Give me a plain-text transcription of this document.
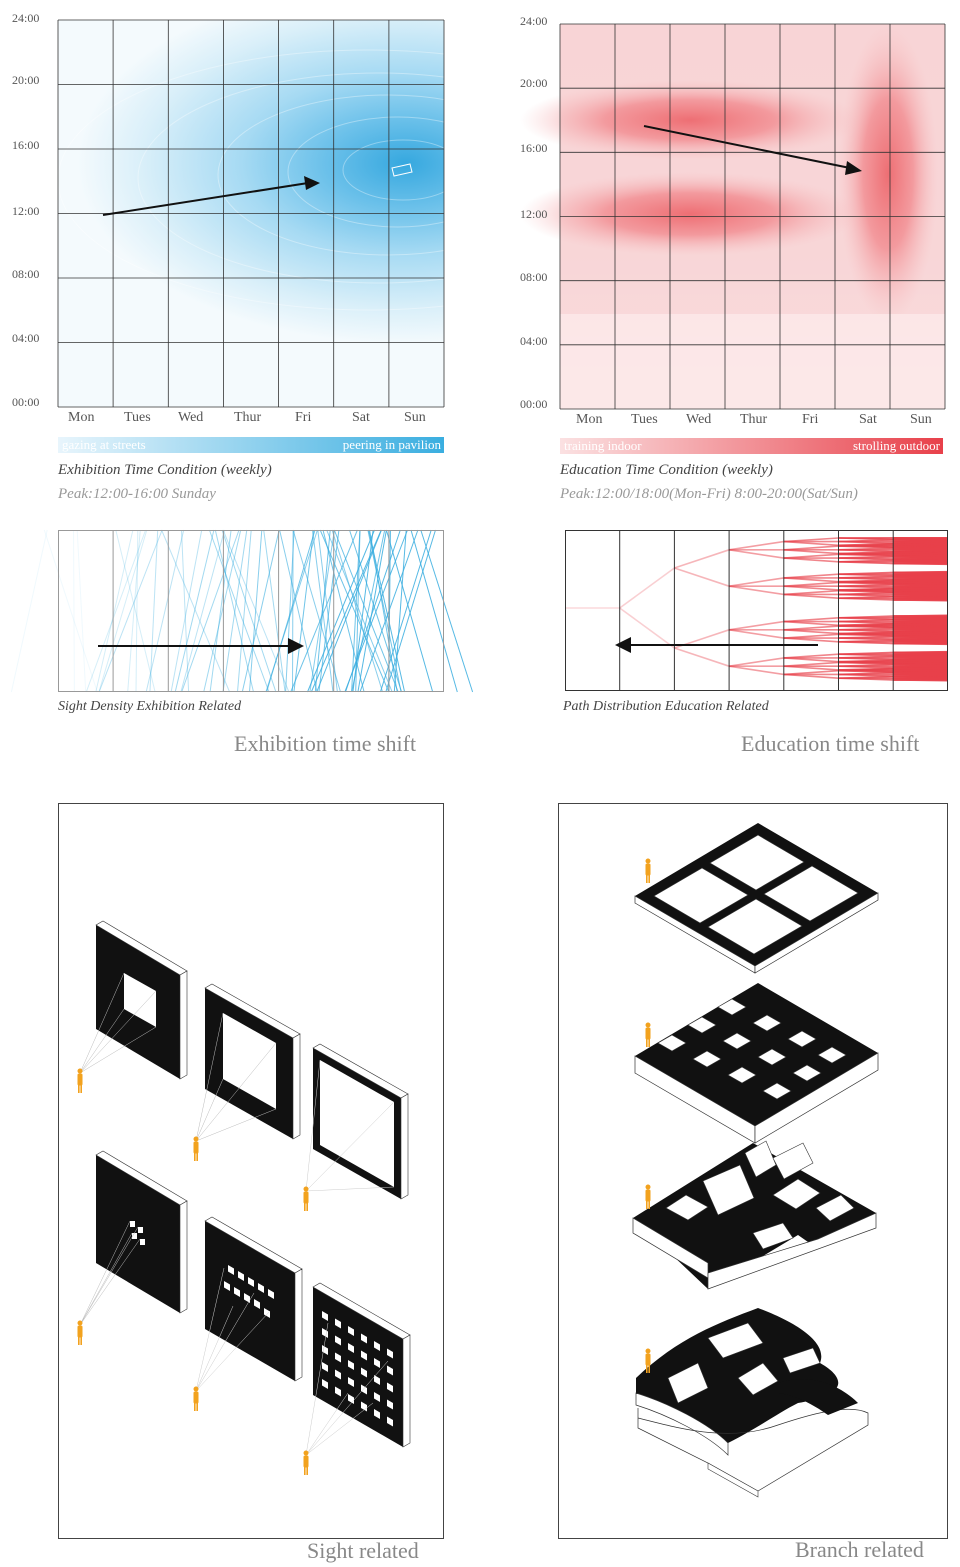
24:00
20:00
16:00
12:00
08:00
04:00
00:00
Mon Tues Wed Thur Fri	Sat Sun
gazing at streets	peering in pavilion
Exhibition Time Condition (weekly)
Peak:12:00-16:00 Sunday
24:00
20:00
16:00
12:00
08:00
04:00
00:00
Mon Tues Wed Thur Fri	Sat Sun
training indoor	strolling outdoor
Education Time Condition (weekly)
Peak:12:00/18:00(Mon-Fri) 8:00-20:00(Sat/Sun)
Sight Density Exhibition Related
Exhibition time shift
Path Distribution Education Related
Education time shift
Sight related	Branch related
